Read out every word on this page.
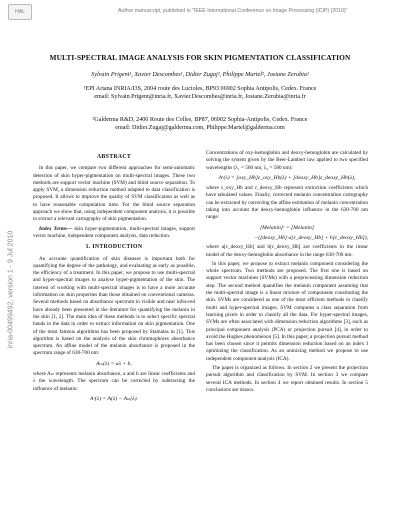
HAL	Author manuscript, published in "IEEE International Conference on Image Processing (ICIP) (2010)"
inria-00499492, version 1 - 9 Jul 2010
MULTI-SPECTRAL IMAGE ANALYSIS FOR SKIN PIGMENTATION CLASSIFICATION
Sylvain Prigent¹, Xavier Descombes¹, Didier Zugaj², Philippe Martel², Josiane Zerubia¹
¹EPI Ariana INRIA/I3S, 2004 route des Lucioles, BP93 06902 Sophia Antipolis, Cedex. France
email: Sylvain.Prigent@inria.fr, Xavier.Descombes@inria.fr, Josiane.Zerubia@inria.fr
²Galderma R&D, 2400 Route des Colles, BP87, 06902 Sophia-Antipolis, Cedex. France
email: Didier.Zugaj@galderma.com, Philippe.Martel@galderma.com
ABSTRACT

In this paper, we compare two different approaches for semi-automatic detection of skin hyper-pigmentation on multi-spectral images. These two methods are support vector machine (SVM) and blind source separation. To apply SVM, a dimension reduction method adapted to data classification is proposed. It allows to improve the quality of SVM classification as well as to have reasonable computation time. For the blind source separation approach we show that, using independent component analysis, it is possible to extract a relevant cartography of skin pigmentation.

Index Terms— skin hyper-pigmentation, multi-spectral images, support vector machine, independent component analysis, data reduction.

1. INTRODUCTION

An accurate quantification of skin diseases is important both for quantifying the degree of the pathology, and evaluating as early as possible, the efficiency of a treatment. In this paper, we propose to use multi-spectral and hyper-spectral images to analyse hyper-pigmentation of the skin. The interest of working with multi-spectral images is to have a more accurate information on skin properties than those obtained on conventional cameras. Several methods based on absorbance spectrum in visible and near infra-red have already been presented in the literature for quantifying the melanin in the skin [1, 2]. The main idea of these methods is to select specific spectral bands in the data in order to extract information on skin pigmentation. One of the most famous algorithms has been proposed by Stamatas in [1]. This algorithm is based on the analysis of the skin chromophores absorbance spectrum. An affine model of the melanin absorbance is proposed in the spectrum range of 630-700 nm:

Aₘ(λ) = aλ + b,

where Aₘ represents melanin absorbance, a and b are linear coefficients and λ the wavelength. The spectrum can be corrected by subtracting the influence of melanin:

Aᶜ(λ) = A(λ) − Aₘ(λ).

Concentrations of oxy-hemoglobin and deoxy-hemoglobin are calculated by solving the system given by the Beer-Lambert law applied to two specified wavelengths (λ₁ = 560 nm, λ₂ = 580 nm):

Aᶜ(λ) = [oxy_Hb]ε_oxy_Hb(λ) + [deoxy_Hb]ε_deoxy_Hb(λ),

where ε_oxy_Hb and ε_deoxy_Hb represent extinction coefficients which have tabulated values. Finally, corrected melanin concentration cartography can be extracted by correcting the affine estimation of melanin concentration taking into account the deoxy-hemoglobin influence in the 630-700 nm range:

[Melanin]ᶜ = [Melanin]
−([deoxy_Hb]·a[ε_deoxy_Hb] + b[ε_deoxy_Hb]),

where a[ε_deoxy_Hb] and b[ε_deoxy_Hb] are coefficients in the linear model of the deoxy-hemoglobin absorbance in the range 630-700 nm.

In this paper, we propose to extract melanin component considering the whole spectrum. Two methods are proposed. The first one is based on support vector machines (SVMs) with a preprocessing dimension reduction step. The second method quantifies the melanin component assuming that the multi-spectral image is a linear mixture of components constituting the skin. SVMs are considered as one of the most efficient methods to classify multi and hyper-spectral images. SVM computes a class separation from learning pixels in order to classify all the data. For hyper-spectral images, SVMs are often associated with dimension reduction algorithms [3], such as principal component analysis (PCA) or projection pursuit [4], in order to avoid the Hughes phenomenon [5]. In this paper, a projection pursuit method has been chosen since it permits dimension reduction based on an index I optimizing the classification. As an unmixing method we propose to use independent component analysis (ICA).

The paper is organized as follows. In section 2 we present the projection pursuit algorithm and classification by SVM. In section 3 we compare several ICA methods. In section 4 we report obtained results. In section 5 conclusions are drawn.
